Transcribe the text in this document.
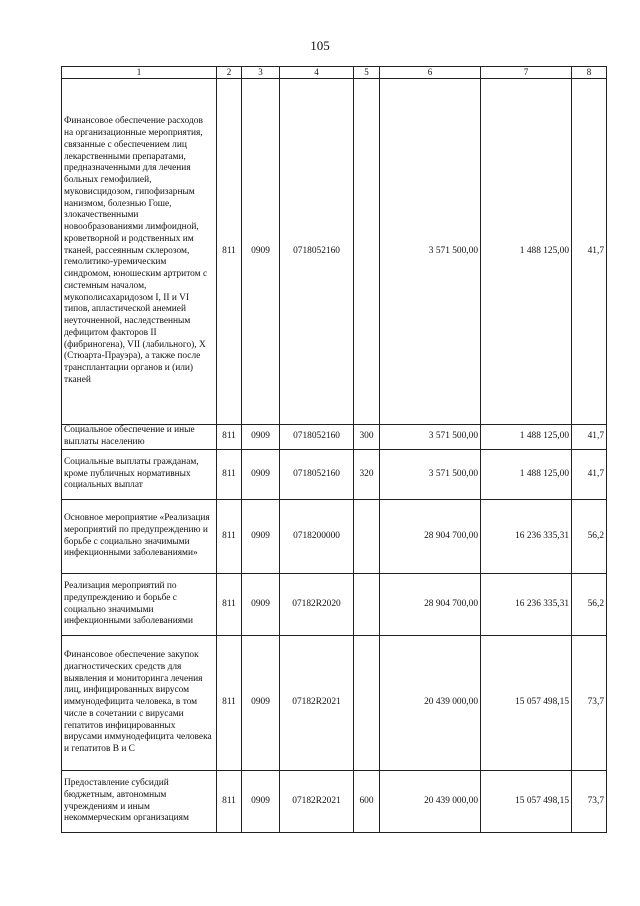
105
1	2	3	4	5	6	7	8
Финансовое обеспечение расходов на организационные мероприятия, связанные с обеспечением лиц лекарственными препаратами, предназначенными для лечения больных гемофилией, муковисцидозом, гипофизарным нанизмом, болезнью Гоше, злокачественными новообразованиями лимфоидной, кроветворной и родственных им тканей, рассеянным склерозом, гемолитико-уремическим синдромом, юношеским артритом с системным началом, мукополисахаридозом I, II и VI типов, апластической анемией неуточненной, наследственным дефицитом факторов II (фибриногена), VII (лабильного), X (Стюарта-Прауэра), а также после трансплантации органов и (или) тканей	811	0909	0718052160		3 571 500,00	1 488 125,00	41,7
Социальное обеспечение и иные выплаты населению	811	0909	0718052160	300	3 571 500,00	1 488 125,00	41,7
Социальные выплаты гражданам, кроме публичных нормативных социальных выплат	811	0909	0718052160	320	3 571 500,00	1 488 125,00	41,7
Основное мероприятие «Реализация мероприятий по предупреждению и борьбе с социально значимыми инфекционными заболеваниями»	811	0909	0718200000		28 904 700,00	16 236 335,31	56,2
Реализация мероприятий по предупреждению и борьбе с социально значимыми инфекционными заболеваниями	811	0909	07182R2020		28 904 700,00	16 236 335,31	56,2
Финансовое обеспечение закупок диагностических средств для выявления и мониторинга лечения лиц, инфицированных вирусом иммунодефицита человека, в том числе в сочетании с вирусами гепатитов инфицированных вирусами иммунодефицита человека и гепатитов В и С	811	0909	07182R2021		20 439 000,00	15 057 498,15	73,7
Предоставление субсидий бюджетным, автономным учреждениям и иным некоммерческим организациям	811	0909	07182R2021	600	20 439 000,00	15 057 498,15	73,7
